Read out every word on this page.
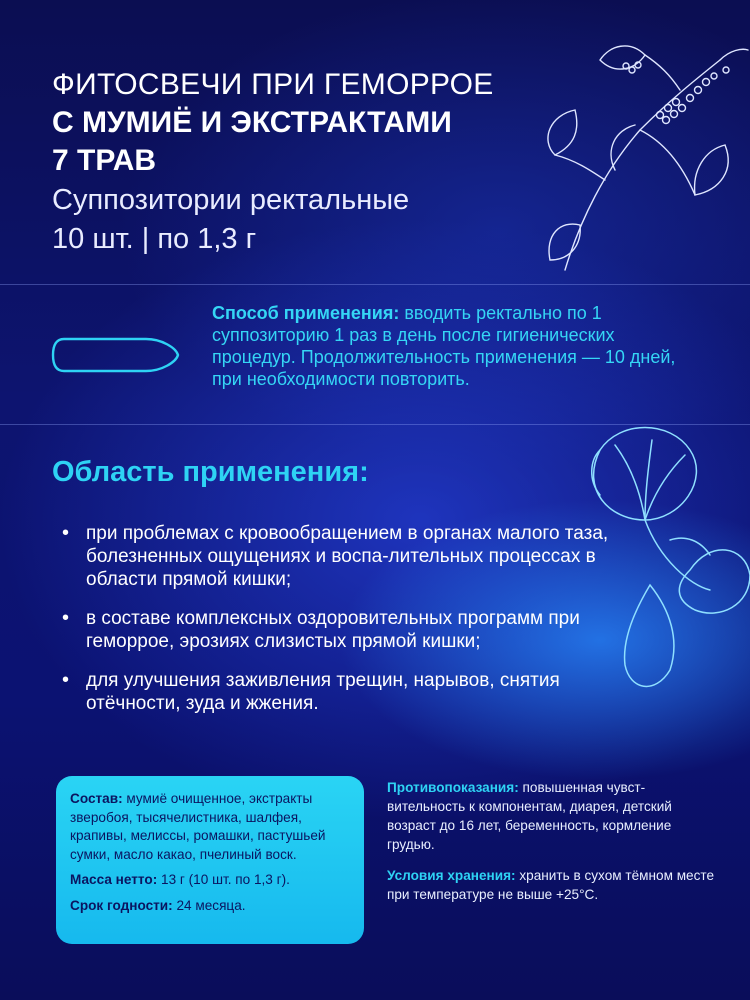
ФИТОСВЕЧИ ПРИ ГЕМОРРОЕ
С МУМИЁ И ЭКСТРАКТАМИ
7 ТРАВ
Суппозитории ректальные
10 шт. | по 1,3 г
Способ применения: вводить ректально по 1 суппозиторию 1 раз в день после гигиенических процедур. Продолжительность применения — 10 дней, при необходимости повторить.
Область применения:
• при проблемах с кровообращением в органах малого таза, болезненных ощущениях и воспа-лительных процессах в области прямой кишки;
• в составе комплексных оздоровительных программ при геморрое, эрозиях слизистых прямой кишки;
• для улучшения заживления трещин, нарывов, снятия отёчности, зуда и жжения.

Состав: мумиё очищенное, экстракты зверобоя, тысячелистника, шалфея, крапивы, мелиссы, ромашки, пастушьей сумки, масло какао, пчелиный воск.

Масса нетто: 13 г (10 шт. по 1,3 г).

Срок годности: 24 месяца.

Противопоказания: повышенная чувст-вительность к компонентам, диарея, детский возраст до 16 лет, беременность, кормление грудью.
Условия хранения: хранить в сухом тёмном месте при температуре не выше +25°C.
